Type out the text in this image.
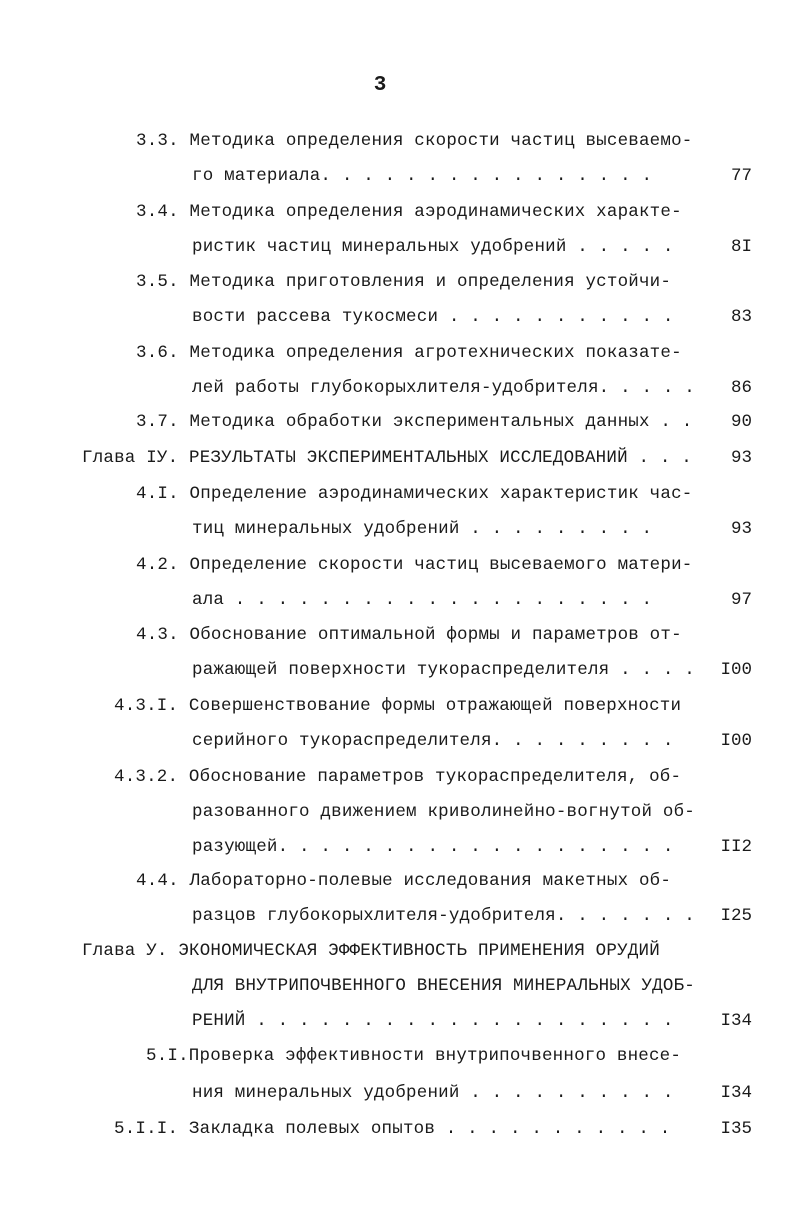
3
3.3. Методика определения скорости частиц высеваемо-
го материала. . . . . . . . . . . . . . . .	77
3.4. Методика определения аэродинамических характе-
ристик частиц минеральных удобрений . . . . .	8I
3.5. Методика приготовления и определения устойчи-
вости рассева тукосмеси . . . . . . . . . . .	83
3.6. Методика определения агротехнических показате-
лей работы глубокорыхлителя-удобрителя. . . . .	86
3.7. Методика обработки экспериментальных данных . .	90
Глава IУ. РЕЗУЛЬТАТЫ ЭКСПЕРИМЕНТАЛЬНЫХ ИССЛЕДОВАНИЙ . . .	93
4.I. Определение аэродинамических характеристик час-
тиц минеральных удобрений . . . . . . . . .	93
4.2. Определение скорости частиц высеваемого матери-
ала . . . . . . . . . . . . . . . . . . . .	97
4.3. Обоснование оптимальной формы и параметров от-
ражающей поверхности тукораспределителя . . . .	I00
4.3.I. Совершенствование формы отражающей поверхности
серийного тукораспределителя. . . . . . . . .	I00
4.3.2. Обоснование параметров тукораспределителя, об-
разованного движением криволинейно-вогнутой об-
разующей. . . . . . . . . . . . . . . . . . .	II2
4.4. Лабораторно-полевые исследования макетных об-
разцов глубокорыхлителя-удобрителя. . . . . . .	I25
Глава У. ЭКОНОМИЧЕСКАЯ ЭФФЕКТИВНОСТЬ ПРИМЕНЕНИЯ ОРУДИЙ
ДЛЯ ВНУТРИПОЧВЕННОГО ВНЕСЕНИЯ МИНЕРАЛЬНЫХ УДОБ-
РЕНИЙ . . . . . . . . . . . . . . . . . . . .	I34
5.I.Проверка эффективности внутрипочвенного внесе-
ния минеральных удобрений . . . . . . . . . .	I34
5.I.I. Закладка полевых опытов . . . . . . . . . . .	I35
